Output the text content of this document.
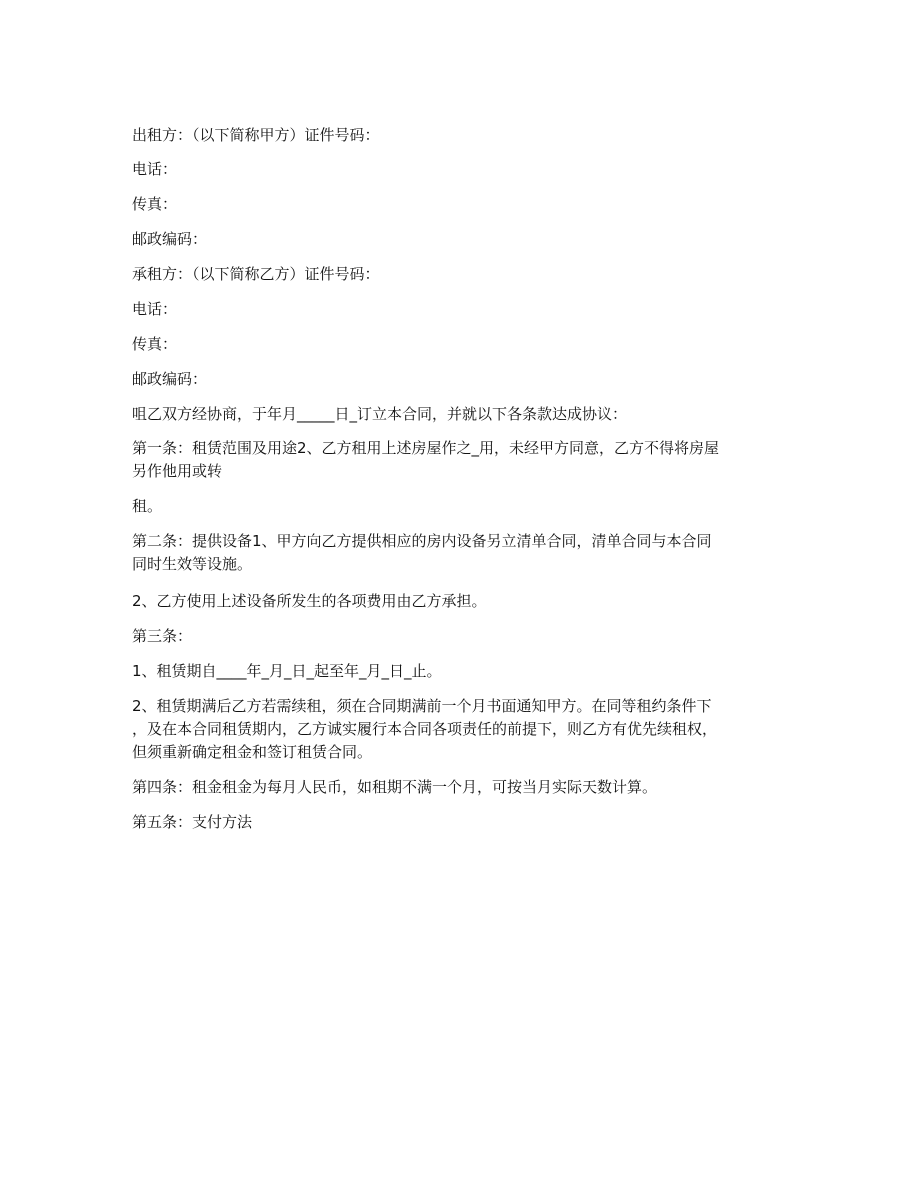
出租方：（以下简称甲方）证件号码：

电话：

传真：

邮政编码：

承租方：（以下简称乙方）证件号码：

电话：

传真：

邮政编码：

咀乙双方经协商，于年月_____日_订立本合同，并就以下各条款达成协议：

第一条：租赁范围及用途2、乙方租用上述房屋作之_用，未经甲方同意，乙方不得将房屋

另作他用或转

租。

第二条：提供设备1、甲方向乙方提供相应的房内设备另立清单合同，清单合同与本合同

同时生效等设施。

2、乙方使用上述设备所发生的各项费用由乙方承担。

第三条：

1、租赁期自____年_月_日_起至年_月_日_止。

2、租赁期满后乙方若需续租，须在合同期满前一个月书面通知甲方。在同等租约条件下

，及在本合同租赁期内，乙方诚实履行本合同各项责任的前提下，则乙方有优先续租权，

但须重新确定租金和签订租赁合同。

第四条：租金租金为每月人民币，如租期不满一个月，可按当月实际天数计算。

第五条：支付方法
